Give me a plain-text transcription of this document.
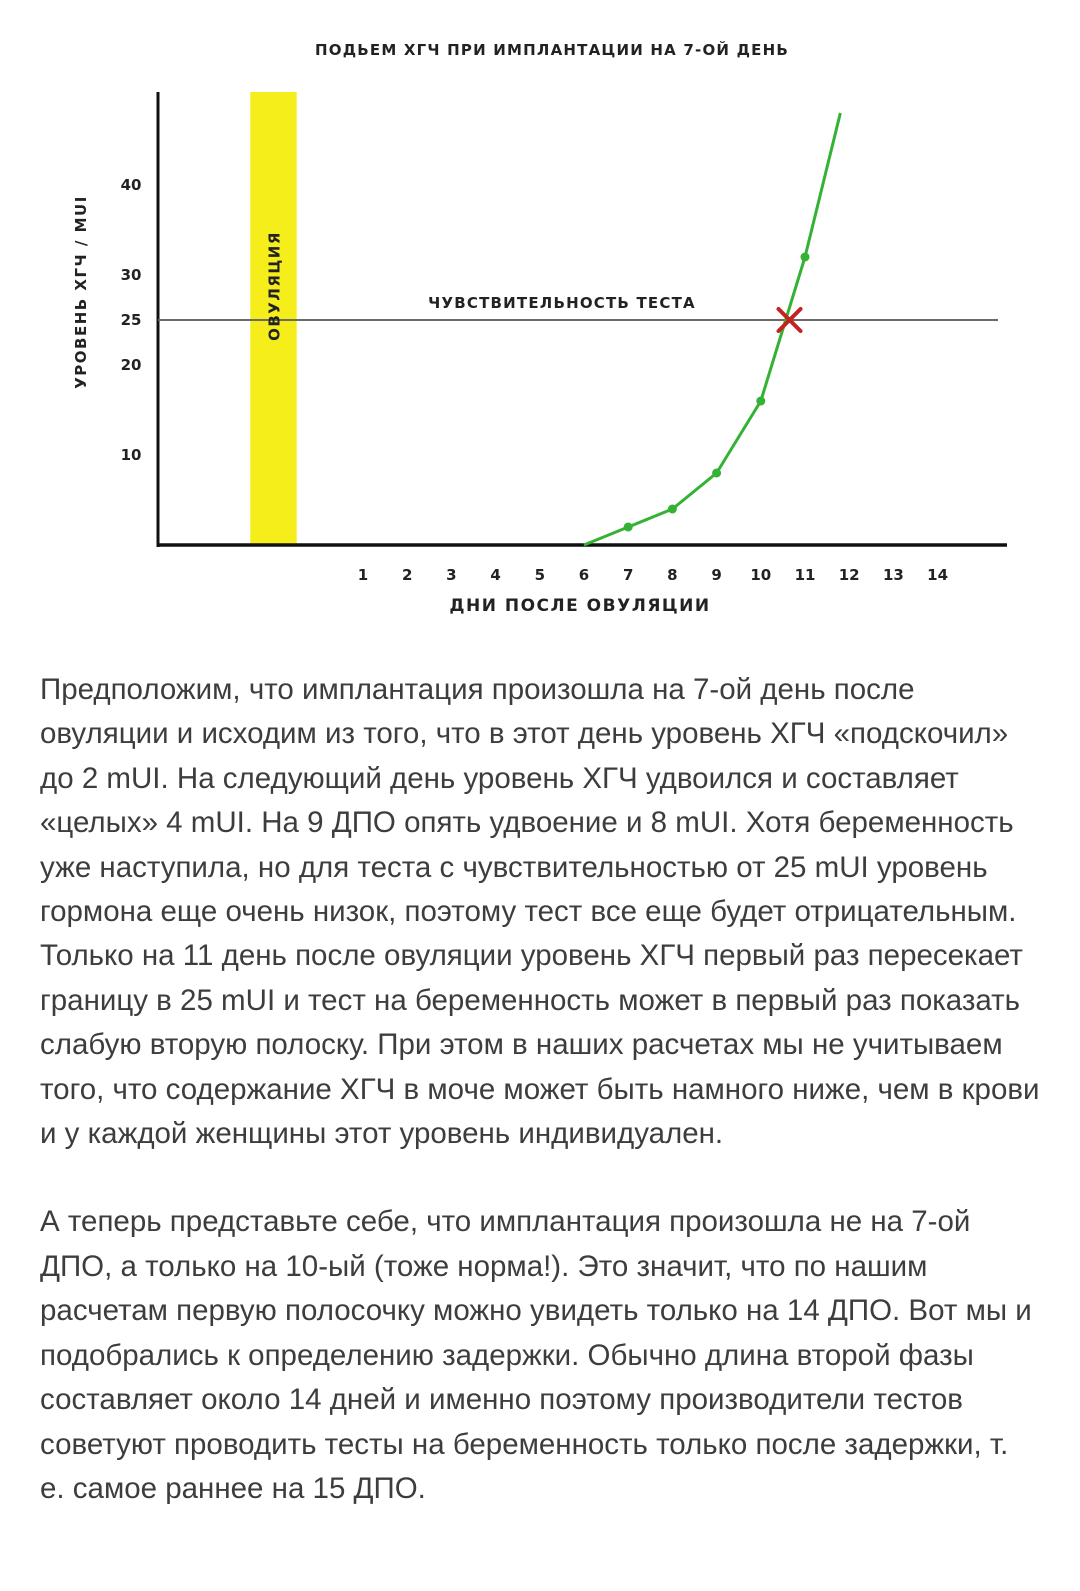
ОВУЛЯЦИЯ	ЧУВСТВИТЕЛЬНОСТЬ ТЕСТА
1 2 3 4 5 6 7 8 9 10 11 12 13 14
10
20
25
30
40
ПОДЬЕМ ХГЧ ПРИ ИМПЛАНТАЦИИ НА 7-ОЙ ДЕНЬ
ДНИ ПОСЛЕ ОВУЛЯЦИИ
УРОВЕНЬ ХГЧ / MUI

Предположим, что имплантация произошла на 7-ой день после овуляции и исходим из того, что в этот день уровень ХГЧ «подскочил» до 2 mUI. На следующий день уровень ХГЧ удвоился и составляет «целых» 4 mUI. На 9 ДПО опять удвоение и 8 mUI. Хотя беременность уже наступила, но для теста с чувствительностью от 25 mUI уровень гормона еще очень низок, поэтому тест все еще будет отрицательным. Только на 11 день после овуляции уровень ХГЧ первый раз пересекает границу в 25 mUI и тест на беременность может в первый раз показать слабую вторую полоску. При этом в наших расчетах мы не учитываем того, что содержание ХГЧ в моче может быть намного ниже, чем в крови и у каждой женщины этот уровень индивидуален.

А теперь представьте себе, что имплантация произошла не на 7-ой ДПО, а только на 10-ый (тоже норма!). Это значит, что по нашим расчетам первую полосочку можно увидеть только на 14 ДПО. Вот мы и подобрались к определению задержки. Обычно длина второй фазы составляет около 14 дней и именно поэтому производители тестов советуют проводить тесты на беременность только после задержки, т. е. самое раннее на 15 ДПО.
